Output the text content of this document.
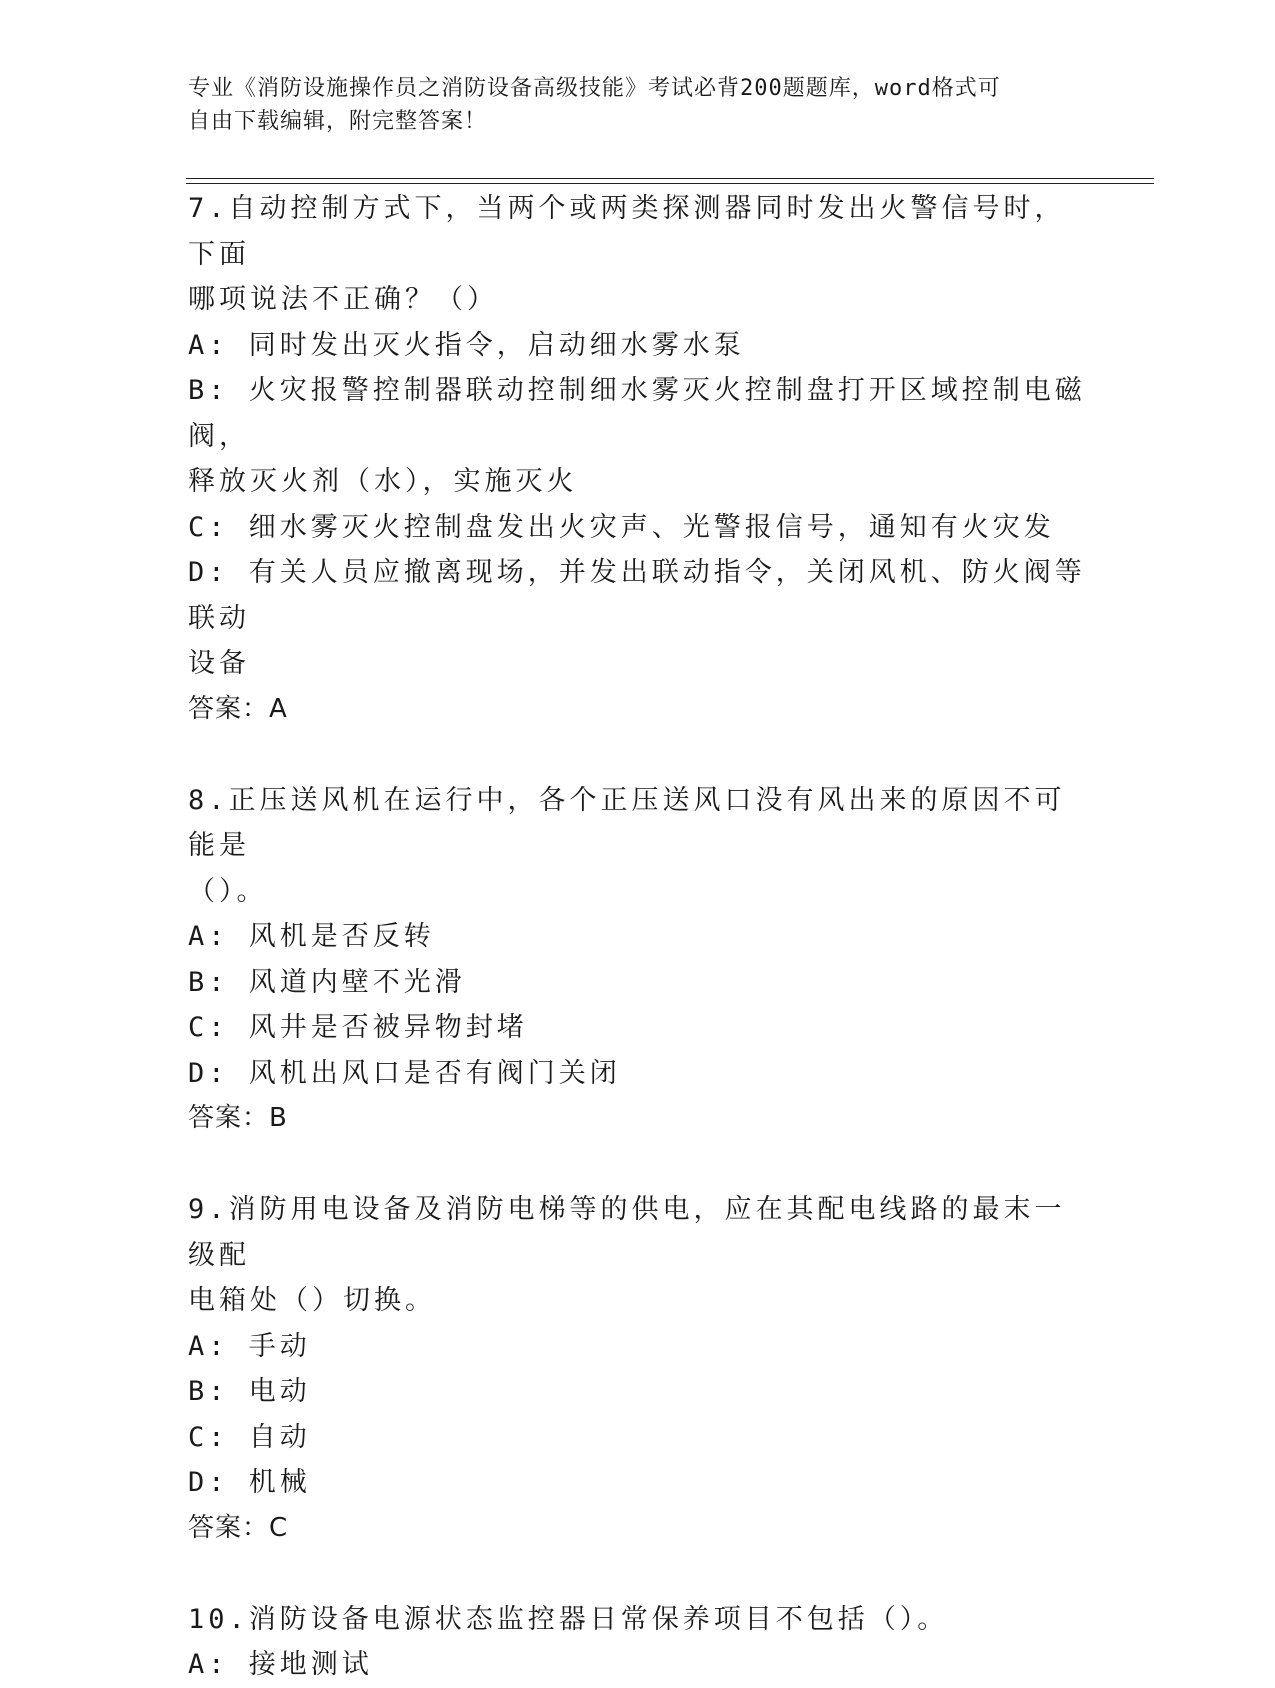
专业《消防设施操作员之消防设备高级技能》考试必背200题题库，word格式可
自由下载编辑，附完整答案！
7.自动控制方式下，当两个或两类探测器同时发出火警信号时，下面
哪项说法不正确？（）
A: 同时发出灭火指令，启动细水雾水泵
B: 火灾报警控制器联动控制细水雾灭火控制盘打开区域控制电磁阀，
释放灭火剂（水），实施灭火
C: 细水雾灭火控制盘发出火灾声、光警报信号，通知有火灾发
D: 有关人员应撤离现场，并发出联动指令，关闭风机、防火阀等联动
设备
答案：A
8.正压送风机在运行中，各个正压送风口没有风出来的原因不可能是
（）。
A: 风机是否反转
B: 风道内壁不光滑
C: 风井是否被异物封堵
D: 风机出风口是否有阀门关闭
答案：B
9.消防用电设备及消防电梯等的供电，应在其配电线路的最末一级配
电箱处（）切换。
A: 手动
B: 电动
C: 自动
D: 机械
答案：C
10.消防设备电源状态监控器日常保养项目不包括（）。
A: 接地测试
